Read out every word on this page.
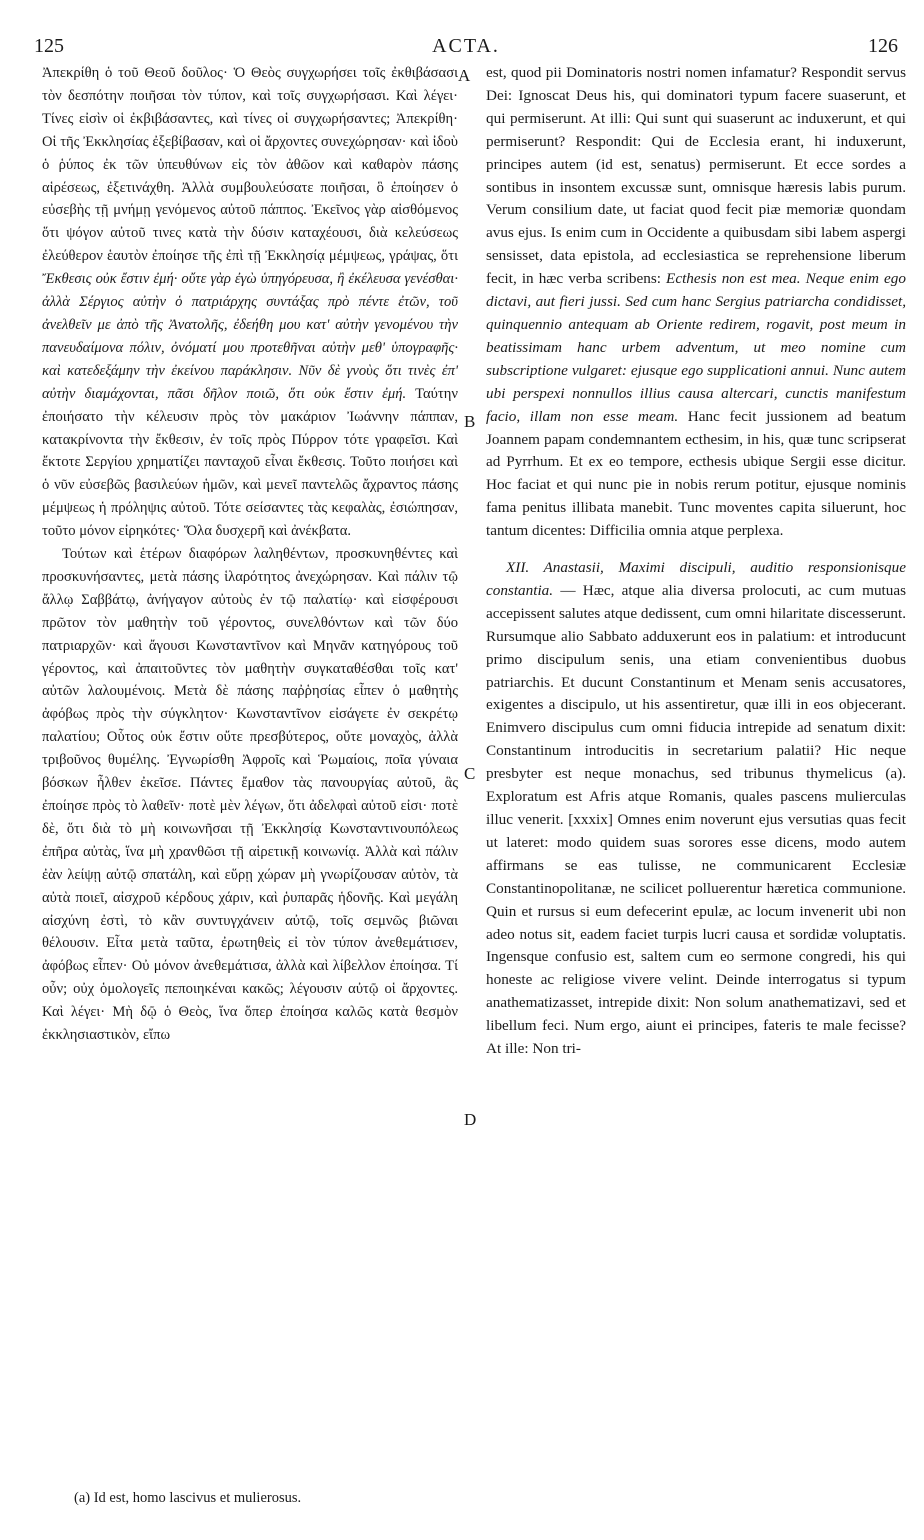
125	ACTA.	126

Ἀπεκρίθη ὁ τοῦ Θεοῦ δοῦλος· Ὁ Θεὸς συγχωρήσει τοῖς ἐκθιβάσασι τὸν δεσπότην ποιῆσαι τὸν τύπον, καὶ τοῖς συγχωρήσασι. Καὶ λέγει· Τίνες εἰσὶν οἱ ἐκβιβάσαντες, καὶ τίνες οἱ συγχωρήσαντες; Ἀπεκρίθη· Οἱ τῆς Ἐκκλησίας ἐξεβίβασαν, καὶ οἱ ἄρχοντες συνεχώρησαν· καὶ ἰδοὺ ὁ ῥύπος ἐκ τῶν ὑπευθύνων εἰς τὸν ἀθῶον καὶ καθαρὸν πάσης αἱρέσεως, ἐξετινάχθη. Ἀλλὰ συμβουλεύσατε ποιῆσαι, ὃ ἐποίησεν ὁ εὐσεβὴς τῇ μνήμῃ γενόμενος αὐτοῦ πάππος. Ἐκεῖνος γὰρ αἰσθόμενος ὅτι ψόγον αὐτοῦ τινες κατὰ τὴν δύσιν καταχέουσι, διὰ κελεύσεως ἐλεύθερον ἑαυτὸν ἐποίησε τῆς ἐπὶ τῇ Ἐκκλησίᾳ μέμψεως, γράψας, ὅτι Ἔκθεσις οὐκ ἔστιν ἐμή· οὔτε γὰρ ἐγὼ ὑπηγόρευσα, ἢ ἐκέλευσα γενέσθαι· ἀλλὰ Σέργιος αὐτὴν ὁ πατριάρχης συντάξας πρὸ πέντε ἐτῶν, τοῦ ἀνελθεῖν με ἀπὸ τῆς Ἀνατολῆς, ἐδεήθη μου κατ' αὐτὴν γενομένου τὴν πανευδαίμονα πόλιν, ὀνόματί μου προτεθῆναι αὐτὴν μεθ' ὑπογραφῆς· καὶ κατεδεξάμην τὴν ἐκείνου παράκλησιν. Νῦν δὲ γνοὺς ὅτι τινὲς ἐπ' αὐτὴν διαμάχονται, πᾶσι δῆλον ποιῶ, ὅτι οὐκ ἔστιν ἐμή. Ταύτην ἐποιήσατο τὴν κέλευσιν πρὸς τὸν μακάριον Ἰωάννην πάππαν, κατακρίνοντα τὴν ἔκθεσιν, ἐν τοῖς πρὸς Πύρρον τότε γραφεῖσι. Καὶ ἔκτοτε Σεργίου χρηματίζει πανταχοῦ εἶναι ἔκθεσις. Τοῦτο ποιήσει καὶ ὁ νῦν εὐσεβῶς βασιλεύων ἡμῶν, καὶ μενεῖ παντελῶς ἄχραντος πάσης μέμψεως ἡ πρόληψις αὐτοῦ. Τότε σείσαντες τὰς κεφαλὰς, ἐσιώπησαν, τοῦτο μόνον εἰρηκότες· Ὅλα δυσχερῆ καὶ ἀνέκβατα.

Τούτων καὶ ἑτέρων διαφόρων λαληθέντων, προσκυνηθέντες καὶ προσκυνήσαντες, μετὰ πάσης ἱλαρότητος ἀνεχώρησαν. Καὶ πάλιν τῷ ἄλλῳ Σαββάτῳ, ἀνήγαγον αὐτοὺς ἐν τῷ παλατίῳ· καὶ εἰσφέρουσι πρῶτον τὸν μαθητὴν τοῦ γέροντος, συνελθόντων καὶ τῶν δύο πατριαρχῶν· καὶ ἄγουσι Κωνσταντῖνον καὶ Μηνᾶν κατηγόρους τοῦ γέροντος, καὶ ἀπαιτοῦντες τὸν μαθητὴν συγκαταθέσθαι τοῖς κατ' αὐτῶν λαλουμένοις. Μετὰ δὲ πάσης παῤῥησίας εἶπεν ὁ μαθητὴς ἀφόβως πρὸς τὴν σύγκλητον· Κωνσταντῖνον εἰσάγετε ἐν σεκρέτῳ παλατίου; Οὗτος οὐκ ἔστιν οὔτε πρεσβύτερος, οὔτε μοναχὸς, ἀλλὰ τριβοῦνος θυμέλης. Ἐγνωρίσθη Ἀφροῖς καὶ Ῥωμαίοις, ποῖα γύναια βόσκων ἦλθεν ἐκεῖσε. Πάντες ἔμαθον τὰς πανουργίας αὐτοῦ, ἃς ἐποίησε πρὸς τὸ λαθεῖν· ποτὲ μὲν λέγων, ὅτι ἀδελφαὶ αὐτοῦ εἰσι· ποτὲ δὲ, ὅτι διὰ τὸ μὴ κοινωνῆσαι τῇ Ἐκκλησίᾳ Κωνσταντινουπόλεως ἐπῆρα αὐτὰς, ἵνα μὴ χρανθῶσι τῇ αἱρετικῇ κοινωνίᾳ. Ἀλλὰ καὶ πάλιν ἐὰν λείψῃ αὐτῷ σπατάλη, καὶ εὕρῃ χώραν μὴ γνωρίζουσαν αὐτὸν, τὰ αὐτὰ ποιεῖ, αἰσχροῦ κέρδους χάριν, καὶ ῥυπαρᾶς ἡδονῆς. Καὶ μεγάλη αἰσχύνη ἐστὶ, τὸ κἂν συντυγχάνειν αὐτῷ, τοῖς σεμνῶς βιῶναι θέλουσιν. Εἶτα μετὰ ταῦτα, ἐρωτηθεὶς εἰ τὸν τύπον ἀνεθεμάτισεν, ἀφόβως εἶπεν· Οὐ μόνον ἀνεθεμάτισα, ἀλλὰ καὶ λίβελλον ἐποίησα. Τί οὖν; οὐχ ὁμολογεῖς πεποιηκέναι κακῶς; λέγουσιν αὐτῷ οἱ ἄρχοντες. Καὶ λέγει· Μὴ δῷ ὁ Θεὸς, ἵνα ὅπερ ἐποίησα καλῶς κατὰ θεσμὸν ἐκκλησιαστικὸν, εἴπω

A
B
C
D

est, quod pii Dominatoris nostri nomen infamatur? Respondit servus Dei: Ignoscat Deus his, qui dominatori typum facere suaserunt, et qui permiserunt. At illi: Qui sunt qui suaserunt ac induxerunt, et qui permiserunt? Respondit: Qui de Ecclesia erant, hi induxerunt, principes autem (id est, senatus) permiserunt. Et ecce sordes a sontibus in insontem excussæ sunt, omnisque hæresis labis purum. Verum consilium date, ut faciat quod fecit piæ memoriæ quondam avus ejus. Is enim cum in Occidente a quibusdam sibi labem aspergi sensisset, data epistola, ad ecclesiastica se reprehensione liberum fecit, in hæc verba scribens: Ecthesis non est mea. Neque enim ego dictavi, aut fieri jussi. Sed cum hanc Sergius patriarcha condidisset, quinquennio antequam ab Oriente redirem, rogavit, post meum in beatissimam hanc urbem adventum, ut meo nomine cum subscriptione vulgaret: ejusque ego supplicationi annui. Nunc autem ubi perspexi nonnullos illius causa altercari, cunctis manifestum facio, illam non esse meam. Hanc fecit jussionem ad beatum Joannem papam condemnantem ecthesim, in his, quæ tunc scripserat ad Pyrrhum. Et ex eo tempore, ecthesis ubique Sergii esse dicitur. Hoc faciat et qui nunc pie in nobis rerum potitur, ejusque nominis fama penitus illibata manebit. Tunc moventes capita siluerunt, hoc tantum dicentes: Difficilia omnia atque perplexa.

XII. Anastasii, Maximi discipuli, auditio responsionisque constantia. — Hæc, atque alia diversa prolocuti, ac cum mutuas accepissent salutes atque dedissent, cum omni hilaritate discesserunt. Rursumque alio Sabbato adduxerunt eos in palatium: et introducunt primo discipulum senis, una etiam convenientibus duobus patriarchis. Et ducunt Constantinum et Menam senis accusatores, exigentes a discipulo, ut his assentiretur, quæ illi in eos objecerant. Enimvero discipulus cum omni fiducia intrepide ad senatum dixit: Constantinum introducitis in secretarium palatii? Hic neque presbyter est neque monachus, sed tribunus thymelicus (a). Exploratum est Afris atque Romanis, quales pascens mulierculas illuc venerit. [xxxix] Omnes enim noverunt ejus versutias quas fecit ut lateret: modo quidem suas sorores esse dicens, modo autem affirmans se eas tulisse, ne communicarent Ecclesiæ Constantinopolitanæ, ne scilicet polluerentur hæretica communione. Quin et rursus si eum defecerint epulæ, ac locum invenerit ubi non adeo notus sit, eadem faciet turpis lucri causa et sordidæ voluptatis. Ingensque confusio est, saltem cum eo sermone congredi, his qui honeste ac religiose vivere velint. Deinde interrogatus si typum anathematizasset, intrepide dixit: Non solum anathematizavi, sed et libellum feci. Num ergo, aiunt ei principes, fateris te male fecisse? At ille: Non tri-

(a) Id est, homo lascivus et mulierosus.
